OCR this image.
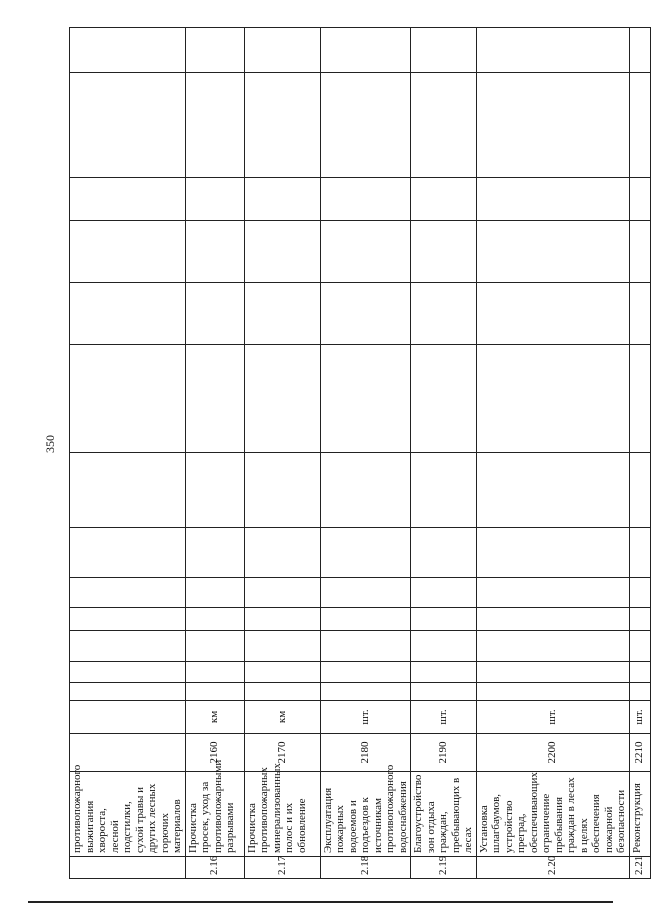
350
	противопожарного выжигания хвороста, лесной подстилки, сухой травы и других лесных горючих материалов															
2.16	Прочистка просек, уход за противопожарными разрывами	2160	км													
2.17	Прочистка противопожарных минерализованных полос и их обновление	2170	км													
2.18	Эксплуатация пожарных водоемов и подъездов к источникам противопожарного водоснабжения	2180	шт.													
2.19	Благоустройство зон отдыха граждан, пребывающих в лесах	2190	шт.													
2.20	Установка шлагбаумов, устройство преград, обеспечивающих ограничение пребывания граждан в лесах в целях обеспечения пожарной безопасности	2200	шт.													
2.21	Реконструкция	2210	шт.													
